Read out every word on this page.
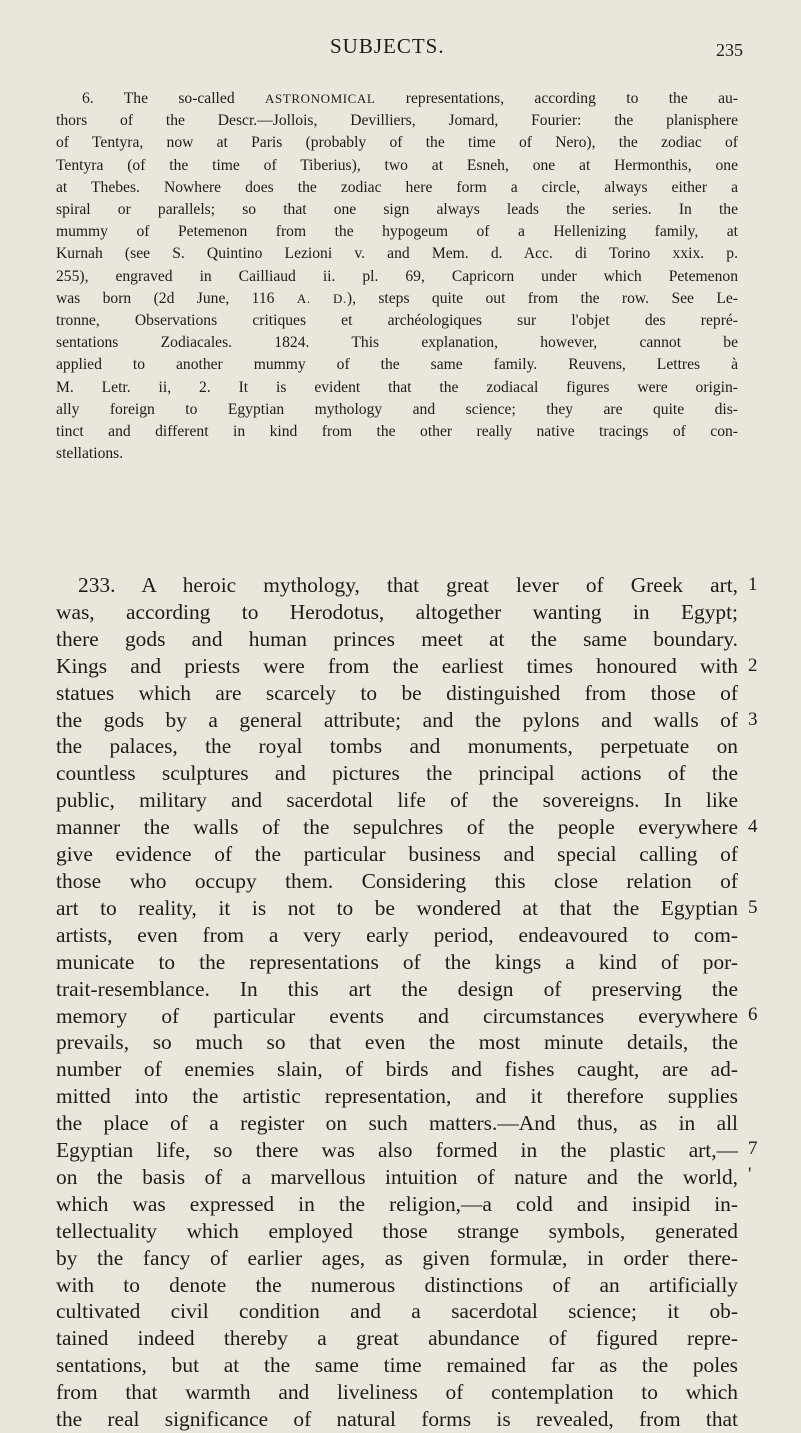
SUBJECTS.	235

6. The so-called ASTRONOMICAL representations, according to the au-
thors of the Descr.—Jollois, Devilliers, Jomard, Fourier: the planisphere
of Tentyra, now at Paris (probably of the time of Nero), the zodiac of
Tentyra (of the time of Tiberius), two at Esneh, one at Hermonthis, one
at Thebes. Nowhere does the zodiac here form a circle, always either a
spiral or parallels; so that one sign always leads the series. In the
mummy of Petemenon from the hypogeum of a Hellenizing family, at
Kurnah (see S. Quintino Lezioni v. and Mem. d. Acc. di Torino xxix. p.
255), engraved in Cailliaud ii. pl. 69, Capricorn under which Petemenon
was born (2d June, 116 A. D.), steps quite out from the row. See Le-
tronne, Observations critiques et archéologiques sur l'objet des repré-
sentations Zodiacales. 1824. This explanation, however, cannot be
applied to another mummy of the same family. Reuvens, Lettres à
M. Letr. ii, 2. It is evident that the zodiacal figures were origin-
ally foreign to Egyptian mythology and science; they are quite dis-
tinct and different in kind from the other really native tracings of con-
stellations.

233. A heroic mythology, that great lever of Greek art,
was, according to Herodotus, altogether wanting in Egypt;
there gods and human princes meet at the same boundary.
Kings and priests were from the earliest times honoured with
statues which are scarcely to be distinguished from those of
the gods by a general attribute; and the pylons and walls of
the palaces, the royal tombs and monuments, perpetuate on
countless sculptures and pictures the principal actions of the
public, military and sacerdotal life of the sovereigns. In like
manner the walls of the sepulchres of the people everywhere
give evidence of the particular business and special calling of
those who occupy them. Considering this close relation of
art to reality, it is not to be wondered at that the Egyptian
artists, even from a very early period, endeavoured to com-
municate to the representations of the kings a kind of por-
trait-resemblance. In this art the design of preserving the
memory of particular events and circumstances everywhere
prevails, so much so that even the most minute details, the
number of enemies slain, of birds and fishes caught, are ad-
mitted into the artistic representation, and it therefore supplies
the place of a register on such matters.—And thus, as in all
Egyptian life, so there was also formed in the plastic art,—
on the basis of a marvellous intuition of nature and the world,
which was expressed in the religion,—a cold and insipid in-
tellectuality which employed those strange symbols, generated
by the fancy of earlier ages, as given formulæ, in order there-
with to denote the numerous distinctions of an artificially
cultivated civil condition and a sacerdotal science; it ob-
tained indeed thereby a great abundance of figured repre-
sentations, but at the same time remained far as the poles
from that warmth and liveliness of contemplation to which
the real significance of natural forms is revealed, from that
1
2
3
4
5
6
7
'
